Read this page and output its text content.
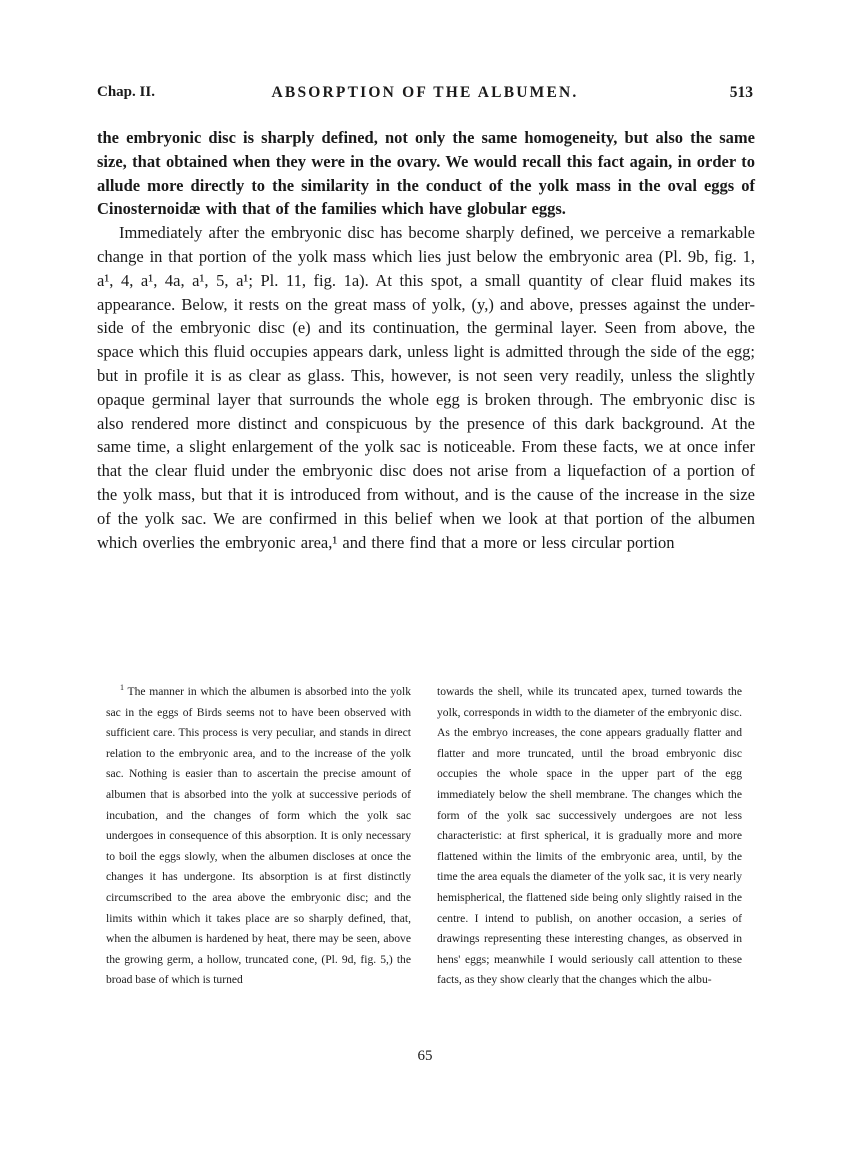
Chap. II.	ABSORPTION OF THE ALBUMEN.	513

the embryonic disc is sharply defined, not only the same homogeneity, but also the same size, that obtained when they were in the ovary. We would recall this fact again, in order to allude more directly to the similarity in the conduct of the yolk mass in the oval eggs of Cinosternoidæ with that of the families which have globular eggs.

Immediately after the embryonic disc has become sharply defined, we perceive a remarkable change in that portion of the yolk mass which lies just below the embryonic area (Pl. 9b, fig. 1, a¹, 4, a¹, 4a, a¹, 5, a¹; Pl. 11, fig. 1a). At this spot, a small quantity of clear fluid makes its appearance. Below, it rests on the great mass of yolk, (y,) and above, presses against the under-side of the embryonic disc (e) and its continuation, the germinal layer. Seen from above, the space which this fluid occupies appears dark, unless light is admitted through the side of the egg; but in profile it is as clear as glass. This, however, is not seen very readily, unless the slightly opaque germinal layer that surrounds the whole egg is broken through. The embryonic disc is also rendered more distinct and conspicuous by the presence of this dark background. At the same time, a slight enlargement of the yolk sac is noticeable. From these facts, we at once infer that the clear fluid under the embryonic disc does not arise from a liquefaction of a portion of the yolk mass, but that it is introduced from without, and is the cause of the increase in the size of the yolk sac. We are confirmed in this belief when we look at that portion of the albumen which overlies the embryonic area,¹ and there find that a more or less circular portion

$^1$ The manner in which the albumen is absorbed into the yolk sac in the eggs of Birds seems not to have been observed with sufficient care. This process is very peculiar, and stands in direct relation to the embryonic area, and to the increase of the yolk sac. Nothing is easier than to ascertain the precise amount of albumen that is absorbed into the yolk at successive periods of incubation, and the changes of form which the yolk sac undergoes in consequence of this absorption. It is only necessary to boil the eggs slowly, when the albumen discloses at once the changes it has undergone. Its absorption is at first distinctly circumscribed to the area above the embryonic disc; and the limits within which it takes place are so sharply defined, that, when the albumen is hardened by heat, there may be seen, above the growing germ, a hollow, truncated cone, (Pl. 9d, fig. 5,) the broad base of which is turned
towards the shell, while its truncated apex, turned towards the yolk, corresponds in width to the diameter of the embryonic disc. As the embryo increases, the cone appears gradually flatter and flatter and more truncated, until the broad embryonic disc occupies the whole space in the upper part of the egg immediately below the shell membrane. The changes which the form of the yolk sac successively undergoes are not less characteristic: at first spherical, it is gradually more and more flattened within the limits of the embryonic area, until, by the time the area equals the diameter of the yolk sac, it is very nearly hemispherical, the flattened side being only slightly raised in the centre. I intend to publish, on another occasion, a series of drawings representing these interesting changes, as observed in hens' eggs; meanwhile I would seriously call attention to these facts, as they show clearly that the changes which the albu-
65
